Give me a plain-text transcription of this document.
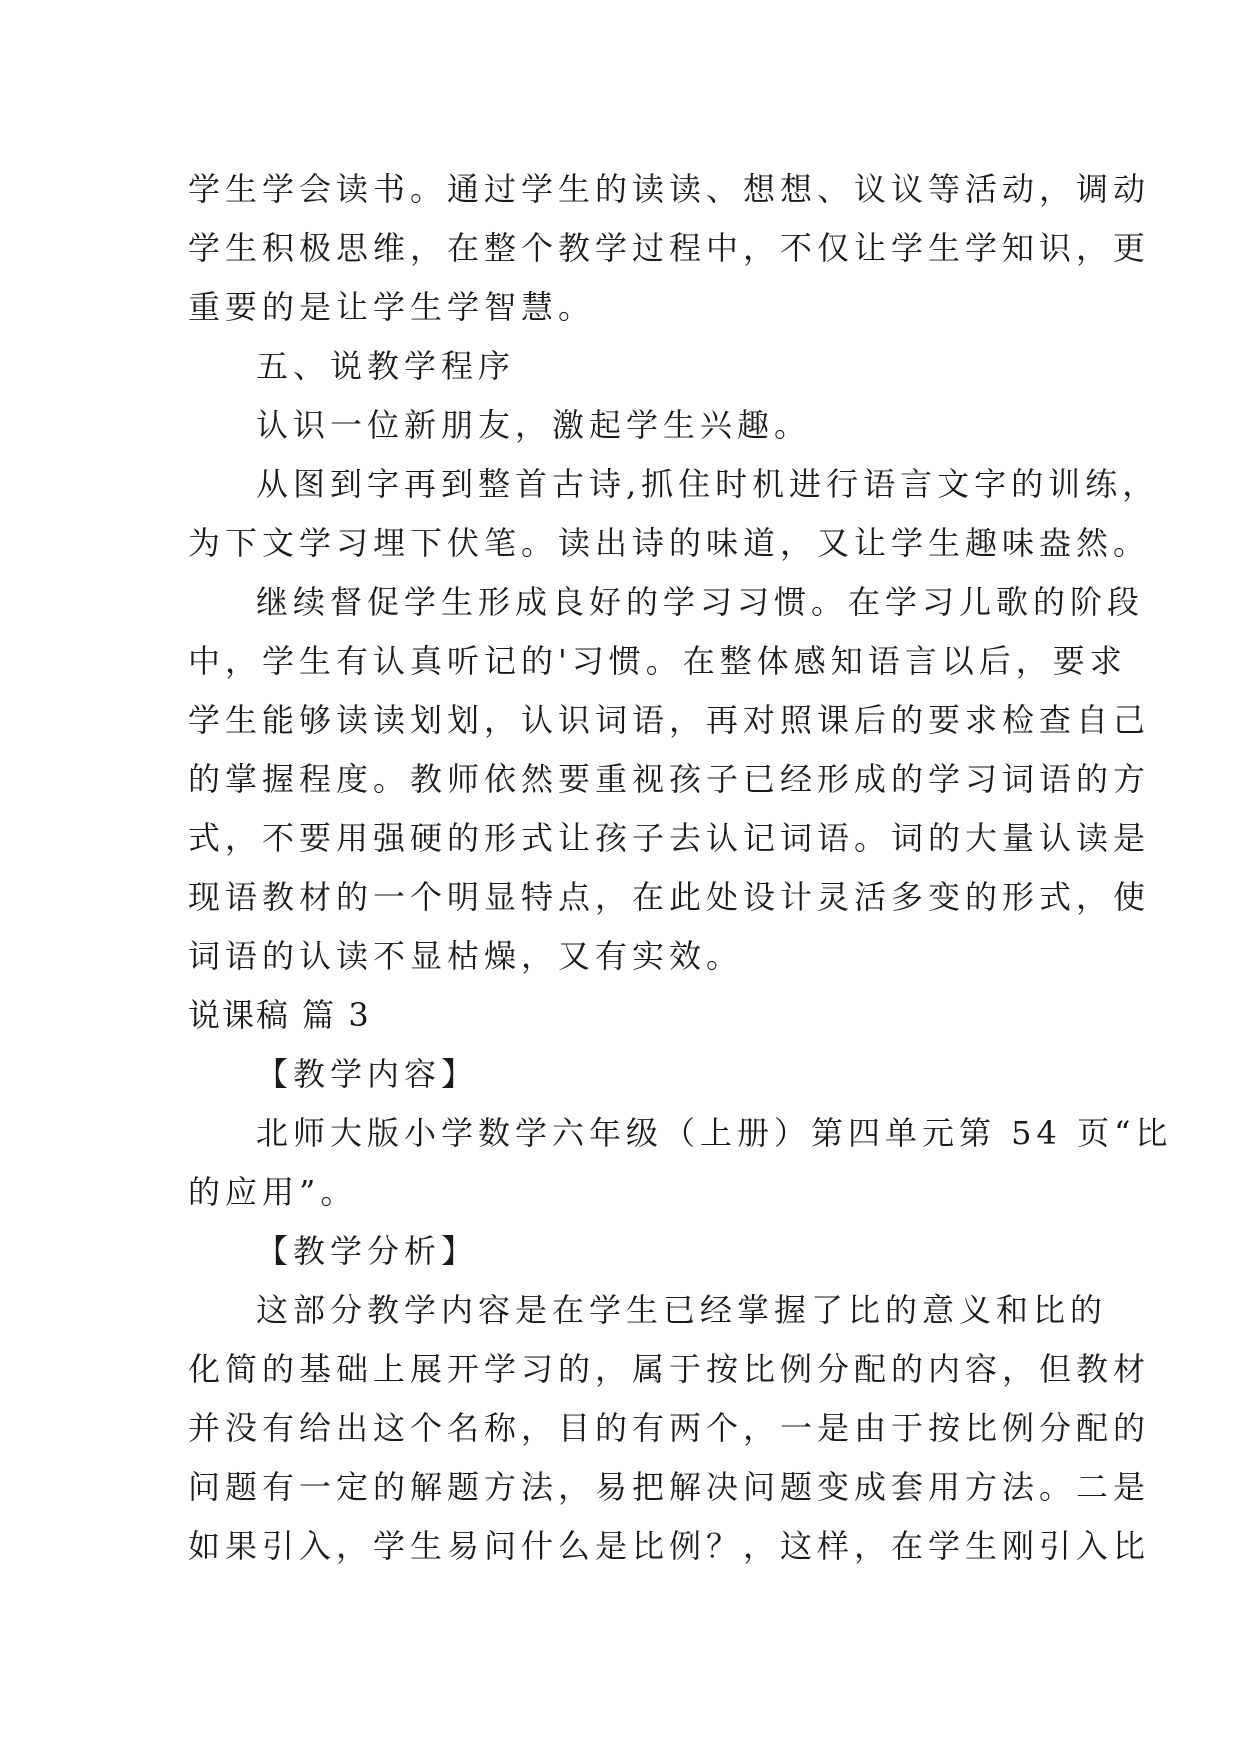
学生学会读书。通过学生的读读、想想、议议等活动，调动
学生积极思维，在整个教学过程中，不仅让学生学知识，更
重要的是让学生学智慧。
五、说教学程序
认识一位新朋友，激起学生兴趣。
从图到字再到整首古诗,抓住时机进行语言文字的训练，
为下文学习埋下伏笔。读出诗的味道，又让学生趣味盎然。
继续督促学生形成良好的学习习惯。在学习儿歌的阶段
中，学生有认真听记的'习惯。在整体感知语言以后，要求
学生能够读读划划，认识词语，再对照课后的要求检查自己
的掌握程度。教师依然要重视孩子已经形成的学习词语的方
式，不要用强硬的形式让孩子去认记词语。词的大量认读是
现语教材的一个明显特点，在此处设计灵活多变的形式，使
词语的认读不显枯燥，又有实效。
说课稿 篇 3
【教学内容】
北师大版小学数学六年级（上册）第四单元第 54 页“比
的应用”。
【教学分析】
这部分教学内容是在学生已经掌握了比的意义和比的
化简的基础上展开学习的，属于按比例分配的内容，但教材
并没有给出这个名称，目的有两个，一是由于按比例分配的
问题有一定的解题方法，易把解决问题变成套用方法。二是
如果引入，学生易问什么是比例？，这样，在学生刚引入比
